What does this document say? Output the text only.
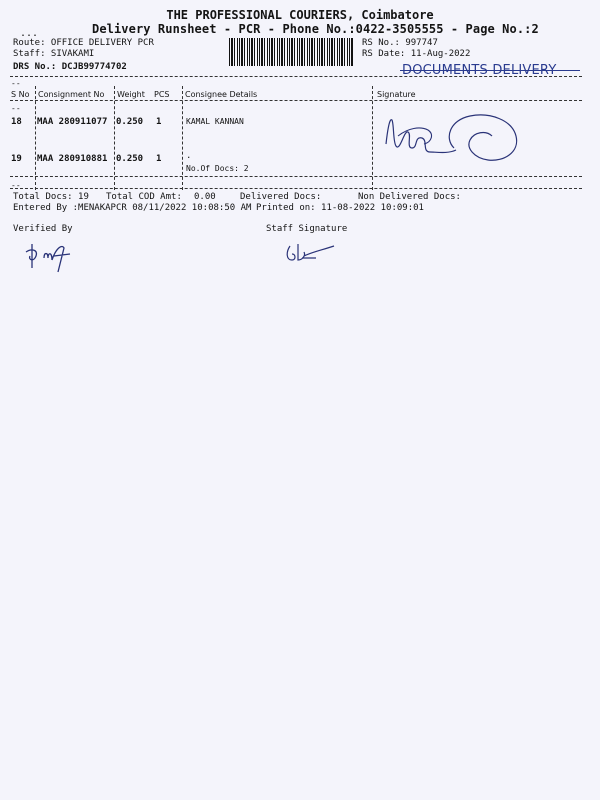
...
THE PROFESSIONAL COURIERS, Coimbatore
Delivery Runsheet - PCR - Phone No.:0422-3505555 - Page No.:2
Route: OFFICE DELIVERY PCR
Staff: SIVAKAMI
DRS No.: DCJB99774702
RS No.: 997747
RS Date: 11-Aug-2022
DOCUMENTS DELIVERY
--
S No Consignment No Weight PCS Consignee Details	Signature
--
18 MAA 280911077 0.250 1	KAMAL KANNAN
19 MAA 280910881 0.250 1	.
No.Of Docs: 2
--
Total Docs: 19 Total COD Amt: 0.00	Delivered Docs:	Non Delivered Docs:
Entered By :MENAKAPCR 08/11/2022 10:08:50 AM Printed on: 11-08-2022 10:09:01
Verified By	Staff Signature
